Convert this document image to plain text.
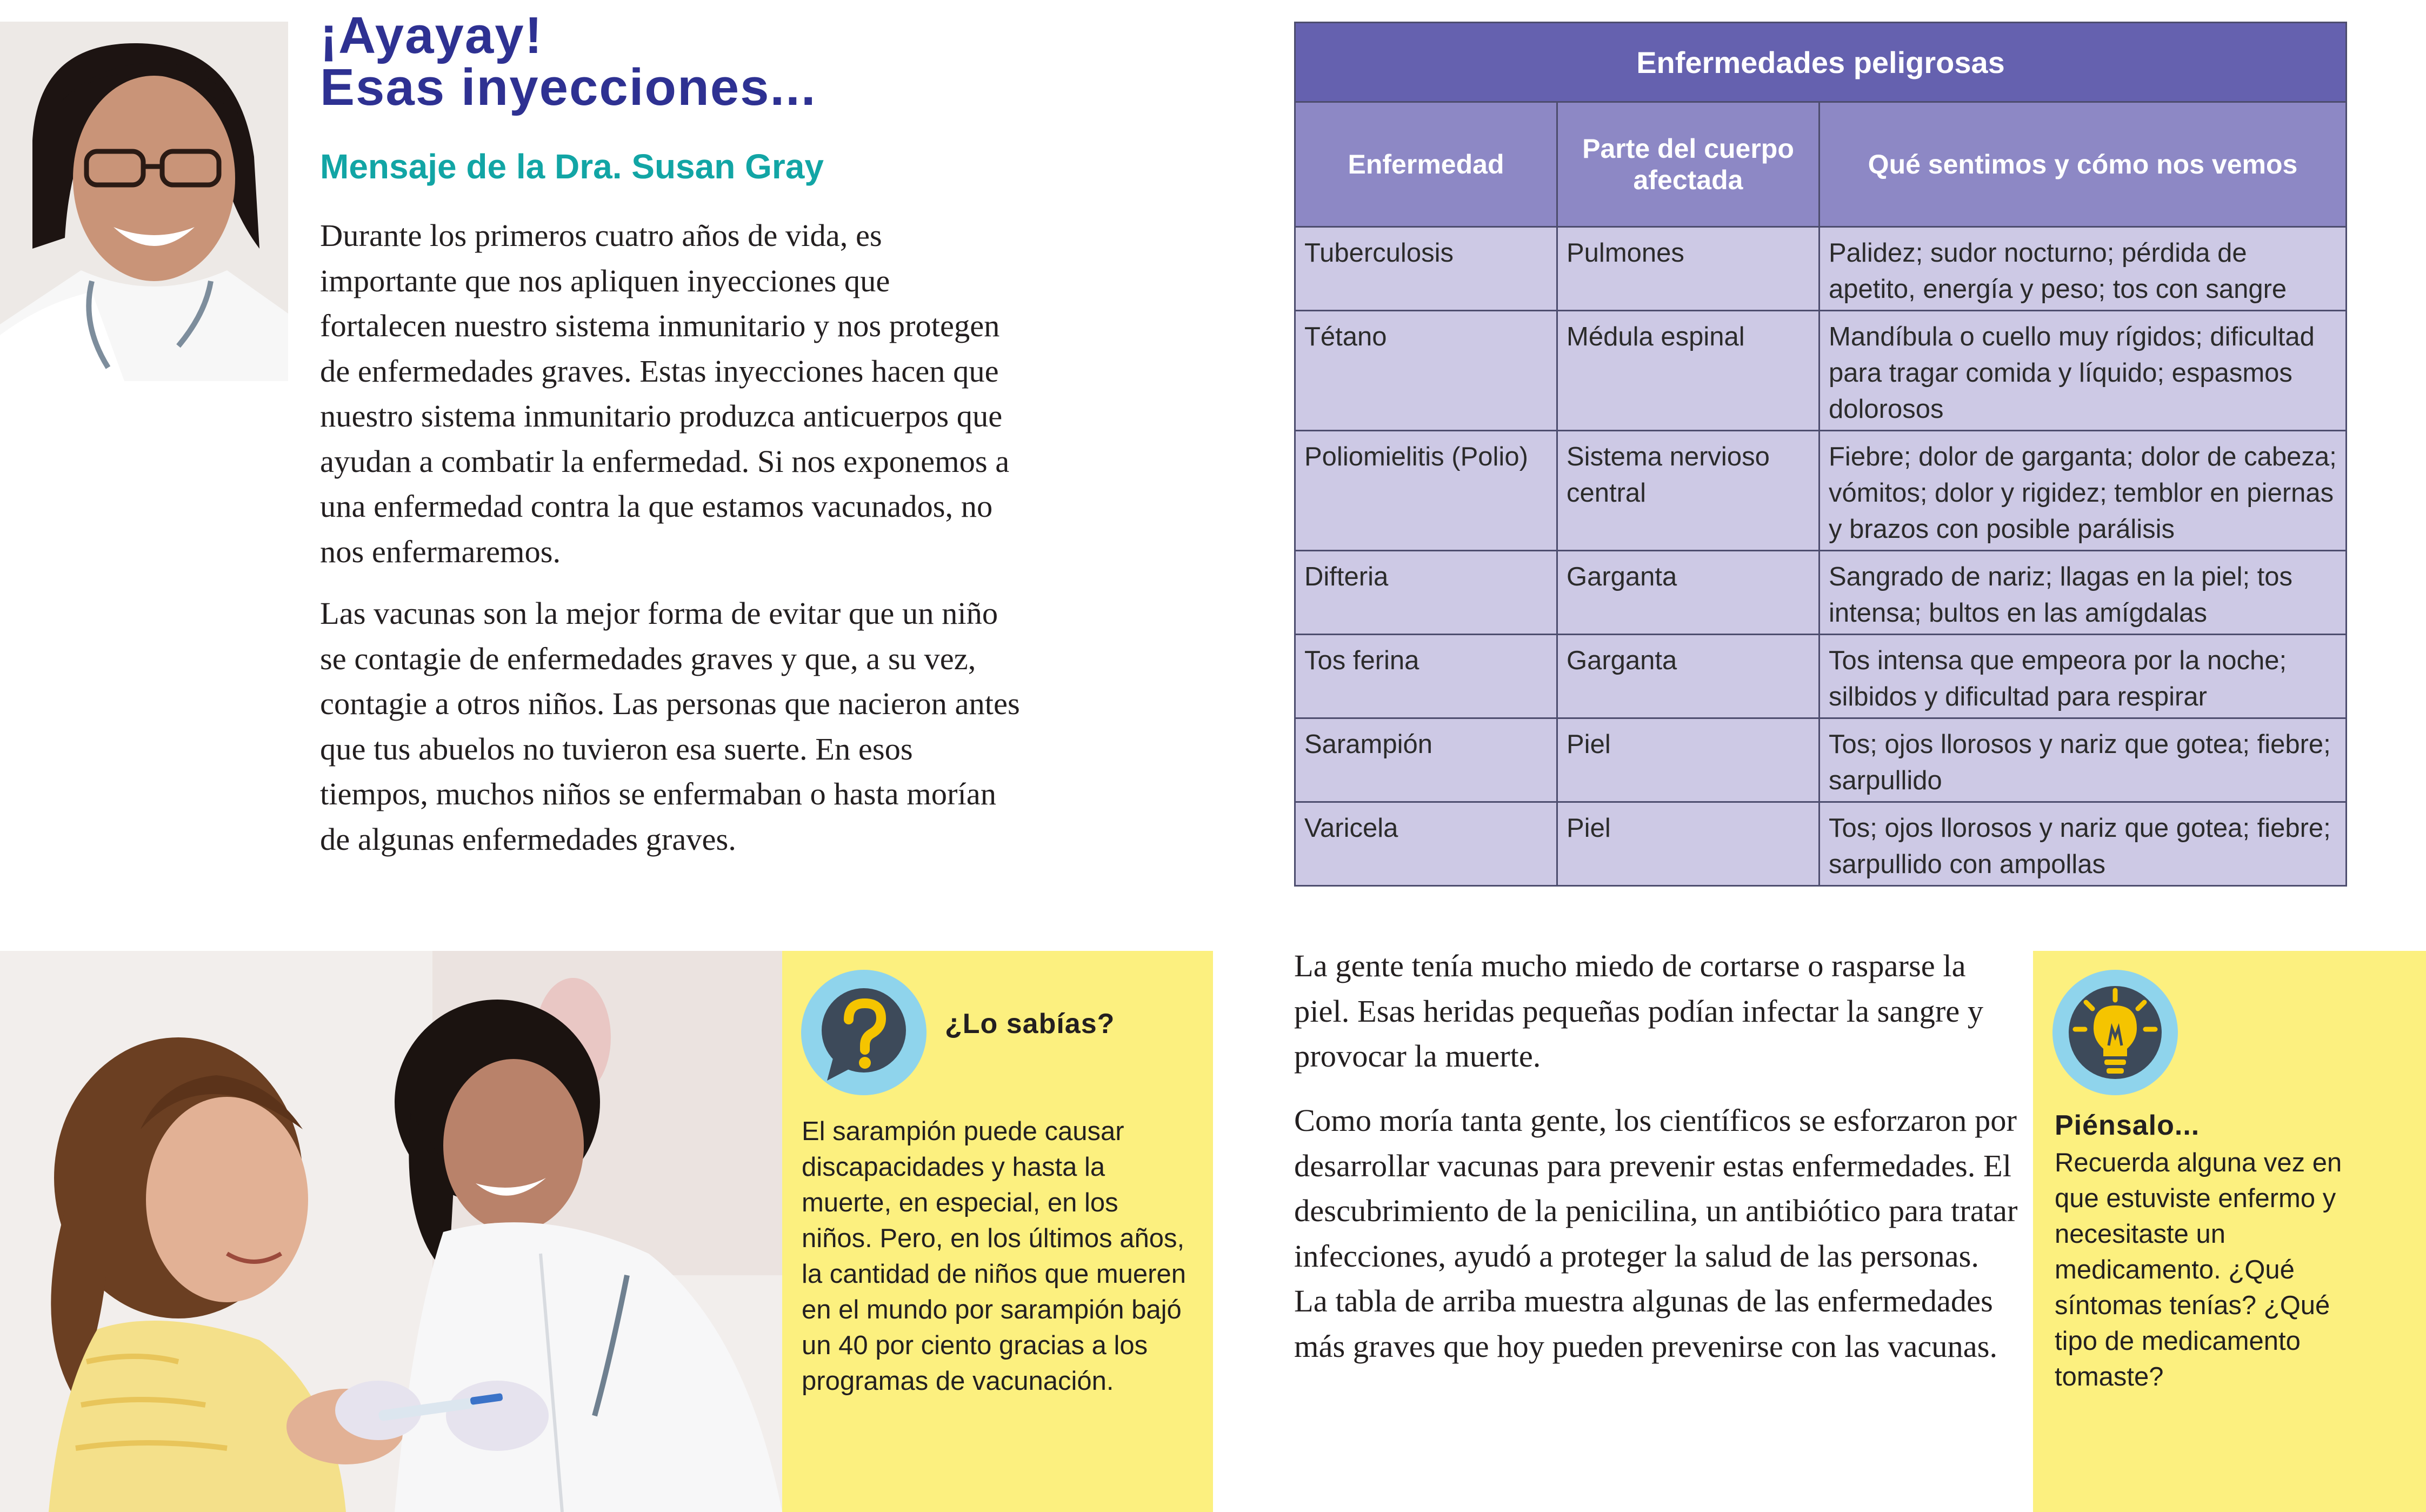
¡Ayayay!
Esas inyecciones...
Mensaje de la Dra. Susan Gray

Durante los primeros cuatro años de vida, es importante que nos apliquen inyecciones que fortalecen nuestro sistema inmunitario y nos protegen de enfermedades graves. Estas inyecciones hacen que nuestro sistema inmunitario produzca anticuerpos que ayudan a combatir la enfermedad. Si nos exponemos a una enfermedad contra la que estamos vacunados, no nos enfermaremos.

Las vacunas son la mejor forma de evitar que un niño se contagie de enfermedades graves y que, a su vez, contagie a otros niños. Las personas que nacieron antes que tus abuelos no tuvieron esa suerte. En esos tiempos, muchos niños se enfermaban o hasta morían de algunas enfermedades graves.

Enfermedades peligrosas		
Enfermedad	Parte del cuerpo afectada	Qué sentimos y cómo nos vemos
Tuberculosis	Pulmones	Palidez; sudor nocturno; pérdida de apetito, energía y peso; tos con sangre
Tétano	Médula espinal	Mandíbula o cuello muy rígidos; dificultad para tragar comida y líquido; espasmos dolorosos
Poliomielitis (Polio)	Sistema nervioso central	Fiebre; dolor de garganta; dolor de cabeza; vómitos; dolor y rigidez; temblor en piernas y brazos con posible parálisis
Difteria	Garganta	Sangrado de nariz; llagas en la piel; tos intensa; bultos en las amígdalas
Tos ferina	Garganta	Tos intensa que empeora por la noche; silbidos y dificultad para respirar
Sarampión	Piel	Tos; ojos llorosos y nariz que gotea; fiebre; sarpullido
Varicela	Piel	Tos; ojos llorosos y nariz que gotea; fiebre; sarpullido con ampollas
¿Lo sabías?

El sarampión puede causar discapacidades y hasta la muerte, en especial, en los niños. Pero, en los últimos años, la cantidad de niños que mueren en el mundo por sarampión bajó un 40 por ciento gracias a los programas de vacunación.

La gente tenía mucho miedo de cortarse o rasparse la piel. Esas heridas pequeñas podían infectar la sangre y provocar la muerte.

Como moría tanta gente, los científicos se esforzaron por desarrollar vacunas para prevenir estas enfermedades. El descubrimiento de la penicilina, un antibiótico para tratar infecciones, ayudó a proteger la salud de las personas. La tabla de arriba muestra algunas de las enfermedades más graves que hoy pueden prevenirse con las vacunas.

Piénsalo...

Recuerda alguna vez en que estuviste enfermo y necesitaste un medicamento. ¿Qué síntomas tenías? ¿Qué tipo de medicamento tomaste?
